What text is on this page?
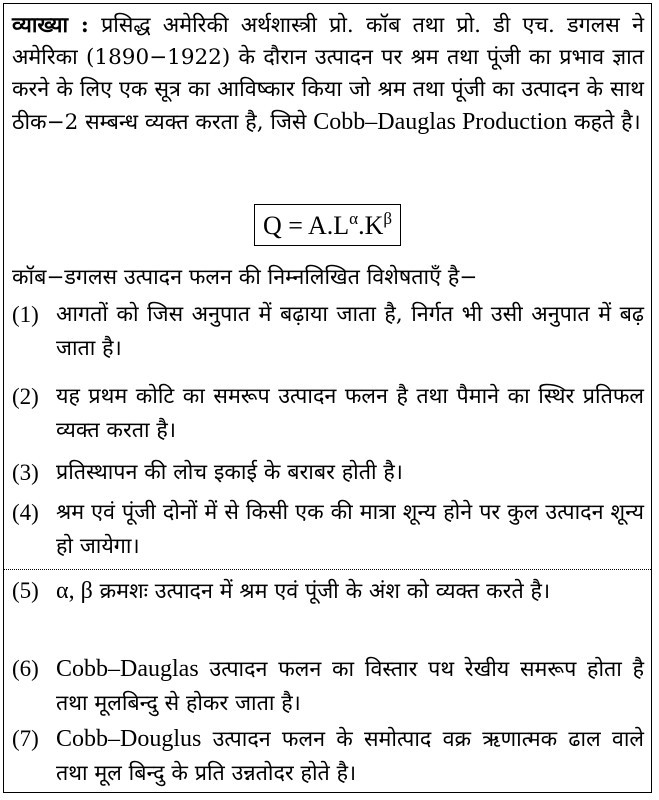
व्याख्या : प्रसिद्ध अमेरिकी अर्थशास्त्री प्रो. कॉब तथा प्रो. डी एच. डगलस ने अमेरिका (1890−1922) के दौरान उत्पादन पर श्रम तथा पूंजी का प्रभाव ज्ञात करने के लिए एक सूत्र का आविष्कार किया जो श्रम तथा पूंजी का उत्पादन के साथ ठीक−2 सम्बन्ध व्यक्त करता है, जिसे Cobb–Dauglas Production कहते है।
$Q = A.L^\alpha.K^\beta$
कॉब−डगलस उत्पादन फलन की निम्नलिखित विशेषताएँ है−
(1) आगतों को जिस अनुपात में बढ़ाया जाता है, निर्गत भी उसी अनुपात में बढ़ जाता है।
(2) यह प्रथम कोटि का समरूप उत्पादन फलन है तथा पैमाने का स्थिर प्रतिफल व्यक्त करता है।
(3) प्रतिस्थापन की लोच इकाई के बराबर होती है।
(4) श्रम एवं पूंजी दोनों में से किसी एक की मात्रा शून्य होने पर कुल उत्पादन शून्य हो जायेगा।
(5) α, β क्रमशः उत्पादन में श्रम एवं पूंजी के अंश को व्यक्त करते है।
(6) Cobb–Dauglas उत्पादन फलन का विस्तार पथ रेखीय समरूप होता है तथा मूलबिन्दु से होकर जाता है।
(7) Cobb–Douglus उत्पादन फलन के समोत्पाद वक्र ऋणात्मक ढाल वाले तथा मूल बिन्दु के प्रति उन्नतोदर होते है।
